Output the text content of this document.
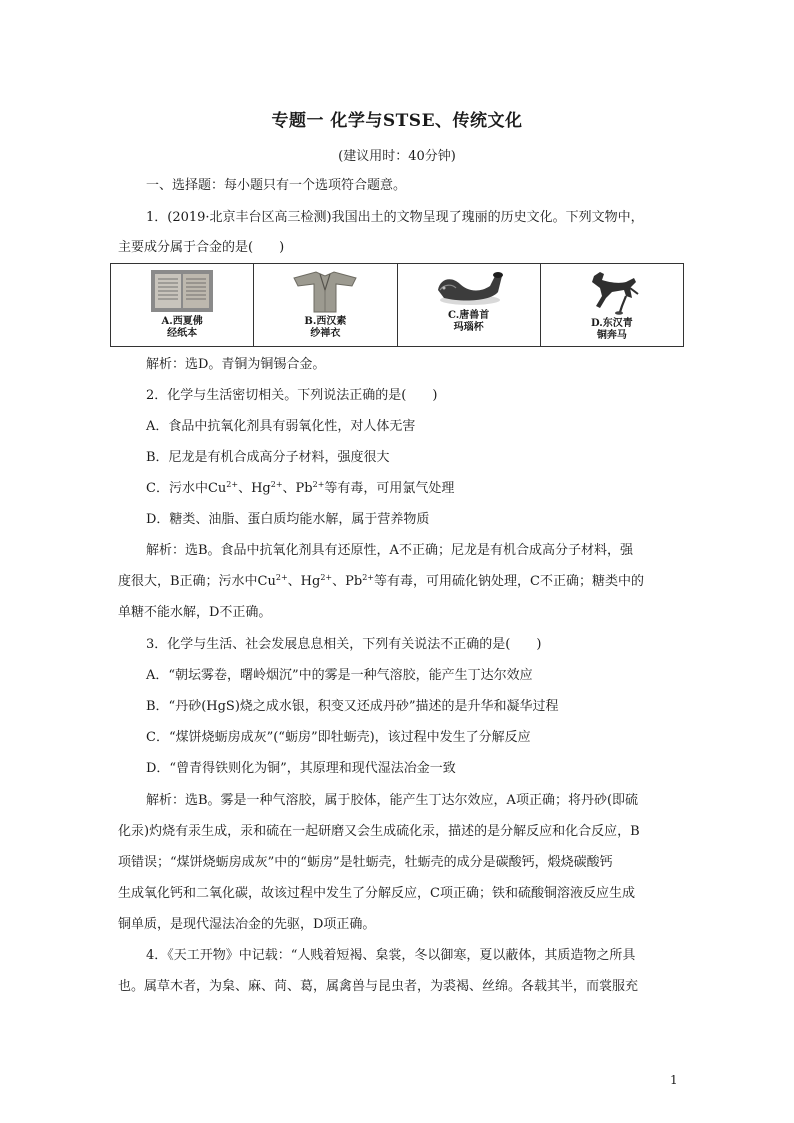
专题一 化学与STSE、传统文化
(建议用时：40分钟)
一、选择题：每小题只有一个选项符合题意。
1．(2019·北京丰台区高三检测)我国出土的文物呈现了瑰丽的历史文化。下列文物中，
主要成分属于合金的是(　　)
A.西夏佛
经纸本

B.西汉素
纱禅衣

C.唐兽首
玛瑙杯	D.东汉青
铜奔马
解析：选D。青铜为铜锡合金。
2．化学与生活密切相关。下列说法正确的是(　　)
A．食品中抗氧化剂具有弱氧化性，对人体无害
B．尼龙是有机合成高分子材料，强度很大
C．污水中$Cu^{2+}$、$Hg^{2+}$、$Pb^{2+}$等有毒，可用氯气处理
D．糖类、油脂、蛋白质均能水解，属于营养物质
解析：选B。食品中抗氧化剂具有还原性，A不正确；尼龙是有机合成高分子材料，强
度很大，B正确；污水中$Cu^{2+}$、$Hg^{2+}$、$Pb^{2+}$等有毒，可用硫化钠处理，C不正确；糖类中的
单糖不能水解，D不正确。
3．化学与生活、社会发展息息相关，下列有关说法不正确的是(　　)
A．“朝坛雾卷，曙岭烟沉”中的雾是一种气溶胶，能产生丁达尔效应
B．“丹砂(HgS)烧之成水银，积变又还成丹砂”描述的是升华和凝华过程
C．“煤饼烧蛎房成灰”(“蛎房”即牡蛎壳)，该过程中发生了分解反应
D．“曾青得铁则化为铜”，其原理和现代湿法冶金一致
解析：选B。雾是一种气溶胶，属于胶体，能产生丁达尔效应，A项正确；将丹砂(即硫
化汞)灼烧有汞生成，汞和硫在一起研磨又会生成硫化汞，描述的是分解反应和化合反应，B
项错误；“煤饼烧蛎房成灰”中的“蛎房”是牡蛎壳，牡蛎壳的成分是碳酸钙，煅烧碳酸钙
生成氧化钙和二氧化碳，故该过程中发生了分解反应，C项正确；铁和硫酸铜溶液反应生成
铜单质，是现代湿法冶金的先驱，D项正确。
4．《天工开物》中记载：“人贱着短褐、枲裳，冬以御寒，夏以蔽体，其质造物之所具
也。属草木者，为枲、麻、苘、葛，属禽兽与昆虫者，为裘褐、丝绵。各载其半，而裳服充
1
